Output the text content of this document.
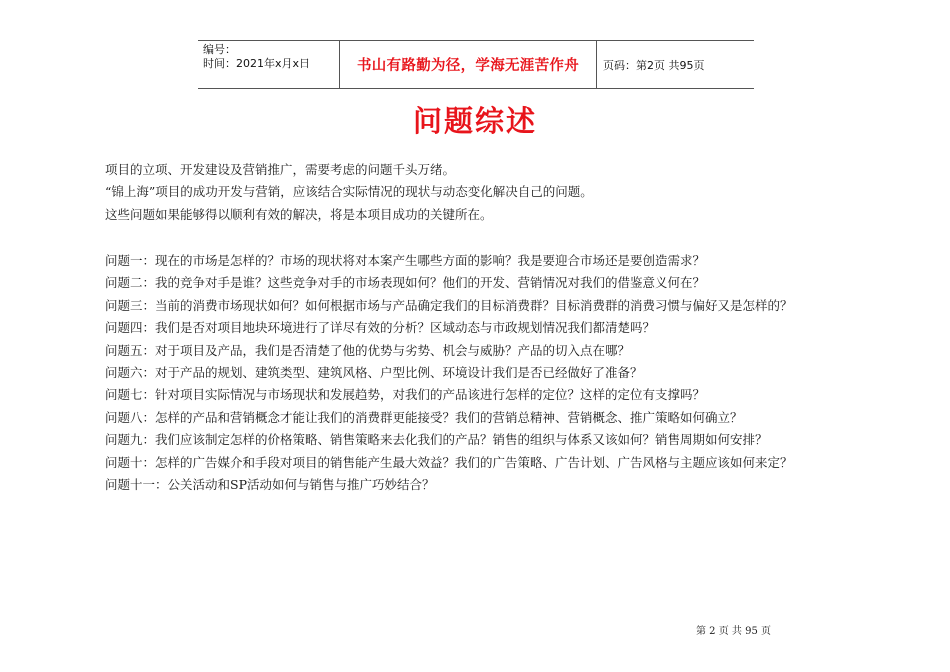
编号：
时间：2021年x月x日	书山有路勤为径，学海无涯苦作舟	页码：第2页 共95页
问题综述

项目的立项、开发建设及营销推广，需要考虑的问题千头万绪。

“锦上海”项目的成功开发与营销，应该结合实际情况的现状与动态变化解决自己的问题。

这些问题如果能够得以顺利有效的解决，将是本项目成功的关键所在。

问题一：现在的市场是怎样的？市场的现状将对本案产生哪些方面的影响？我是要迎合市场还是要创造需求？

问题二：我的竞争对手是谁？这些竞争对手的市场表现如何？他们的开发、营销情况对我们的借鉴意义何在？

问题三：当前的消费市场现状如何？如何根据市场与产品确定我们的目标消费群？目标消费群的消费习惯与偏好又是怎样的？

问题四：我们是否对项目地块环境进行了详尽有效的分析？区域动态与市政规划情况我们都清楚吗？

问题五：对于项目及产品，我们是否清楚了他的优势与劣势、机会与威胁？产品的切入点在哪？

问题六：对于产品的规划、建筑类型、建筑风格、户型比例、环境设计我们是否已经做好了准备？

问题七：针对项目实际情况与市场现状和发展趋势，对我们的产品该进行怎样的定位？这样的定位有支撑吗？

问题八：怎样的产品和营销概念才能让我们的消费群更能接受？我们的营销总精神、营销概念、推广策略如何确立？

问题九：我们应该制定怎样的价格策略、销售策略来去化我们的产品？销售的组织与体系又该如何？销售周期如何安排？

问题十：怎样的广告媒介和手段对项目的销售能产生最大效益？我们的广告策略、广告计划、广告风格与主题应该如何来定？

问题十一：公关活动和SP活动如何与销售与推广巧妙结合？

第 2 页 共 95 页
